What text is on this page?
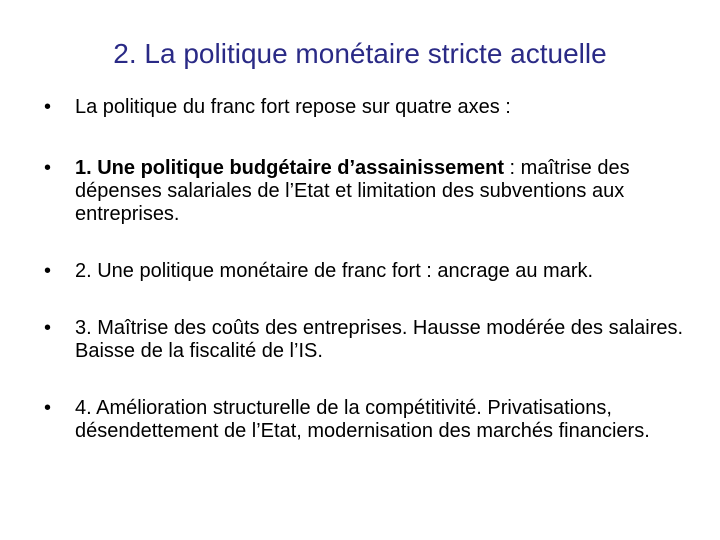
2. La politique monétaire stricte actuelle
•	La politique du franc fort repose sur quatre axes :
•	1. Une politique budgétaire d’assainissement : maîtrise des dépenses salariales de l’Etat et limitation des subventions aux entreprises.
•	2. Une politique monétaire de franc fort : ancrage au mark.
•	3. Maîtrise des coûts des entreprises. Hausse modérée des salaires. Baisse de la fiscalité de l’IS.
•	4. Amélioration structurelle de la compétitivité. Privatisations, désendettement de l’Etat, modernisation des marchés financiers.
